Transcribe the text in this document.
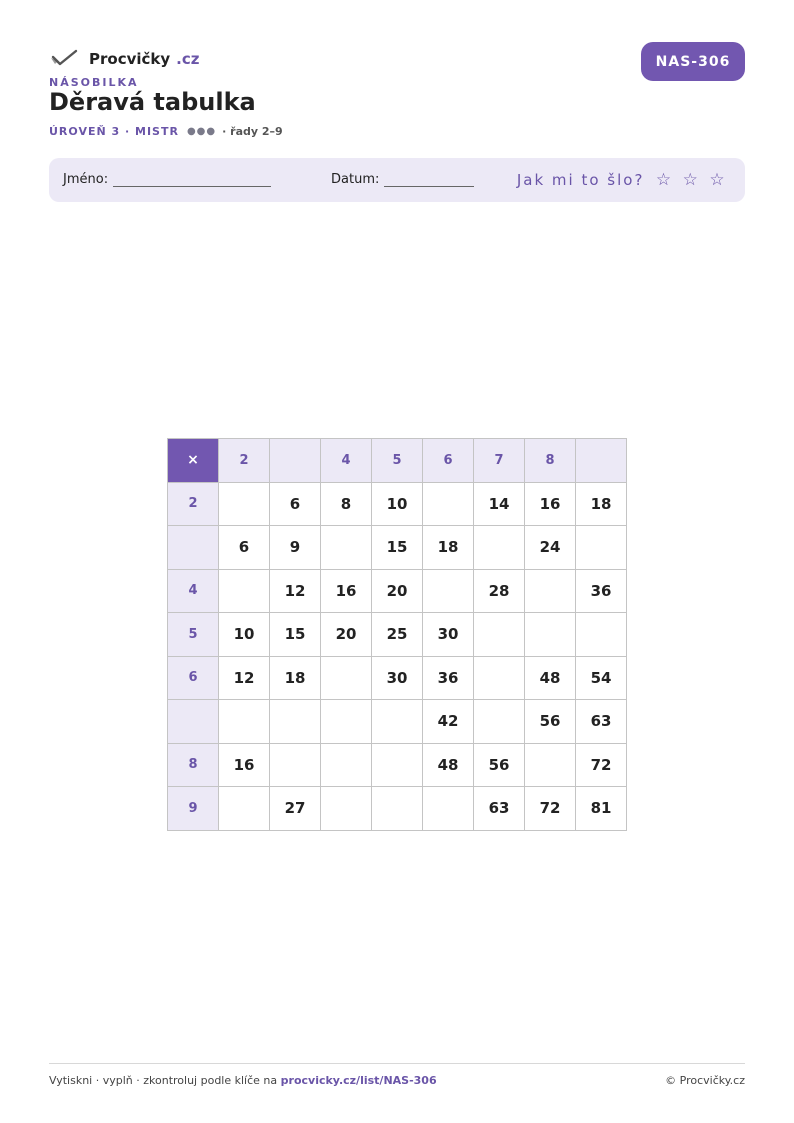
Procvičky .cz
NÁSOBILKA
Děravá tabulka
ÚROVEŇ 3 · MISTR ●●● · řady 2–9
NAS-306
Jméno:	Datum:	Jak mi to šlo? ☆ ☆ ☆
×	2		4	5	6	7	8	
2		6	8	10		14	16	18
	6	9		15	18		24	
4		12	16	20		28		36
5	10	15	20	25	30			
6	12	18		30	36		48	54
					42		56	63
8	16				48	56		72
9		27				63	72	81
Vytiskni · vyplň · zkontroluj podle klíče na procvicky.cz/list/NAS-306	© Procvičky.cz
